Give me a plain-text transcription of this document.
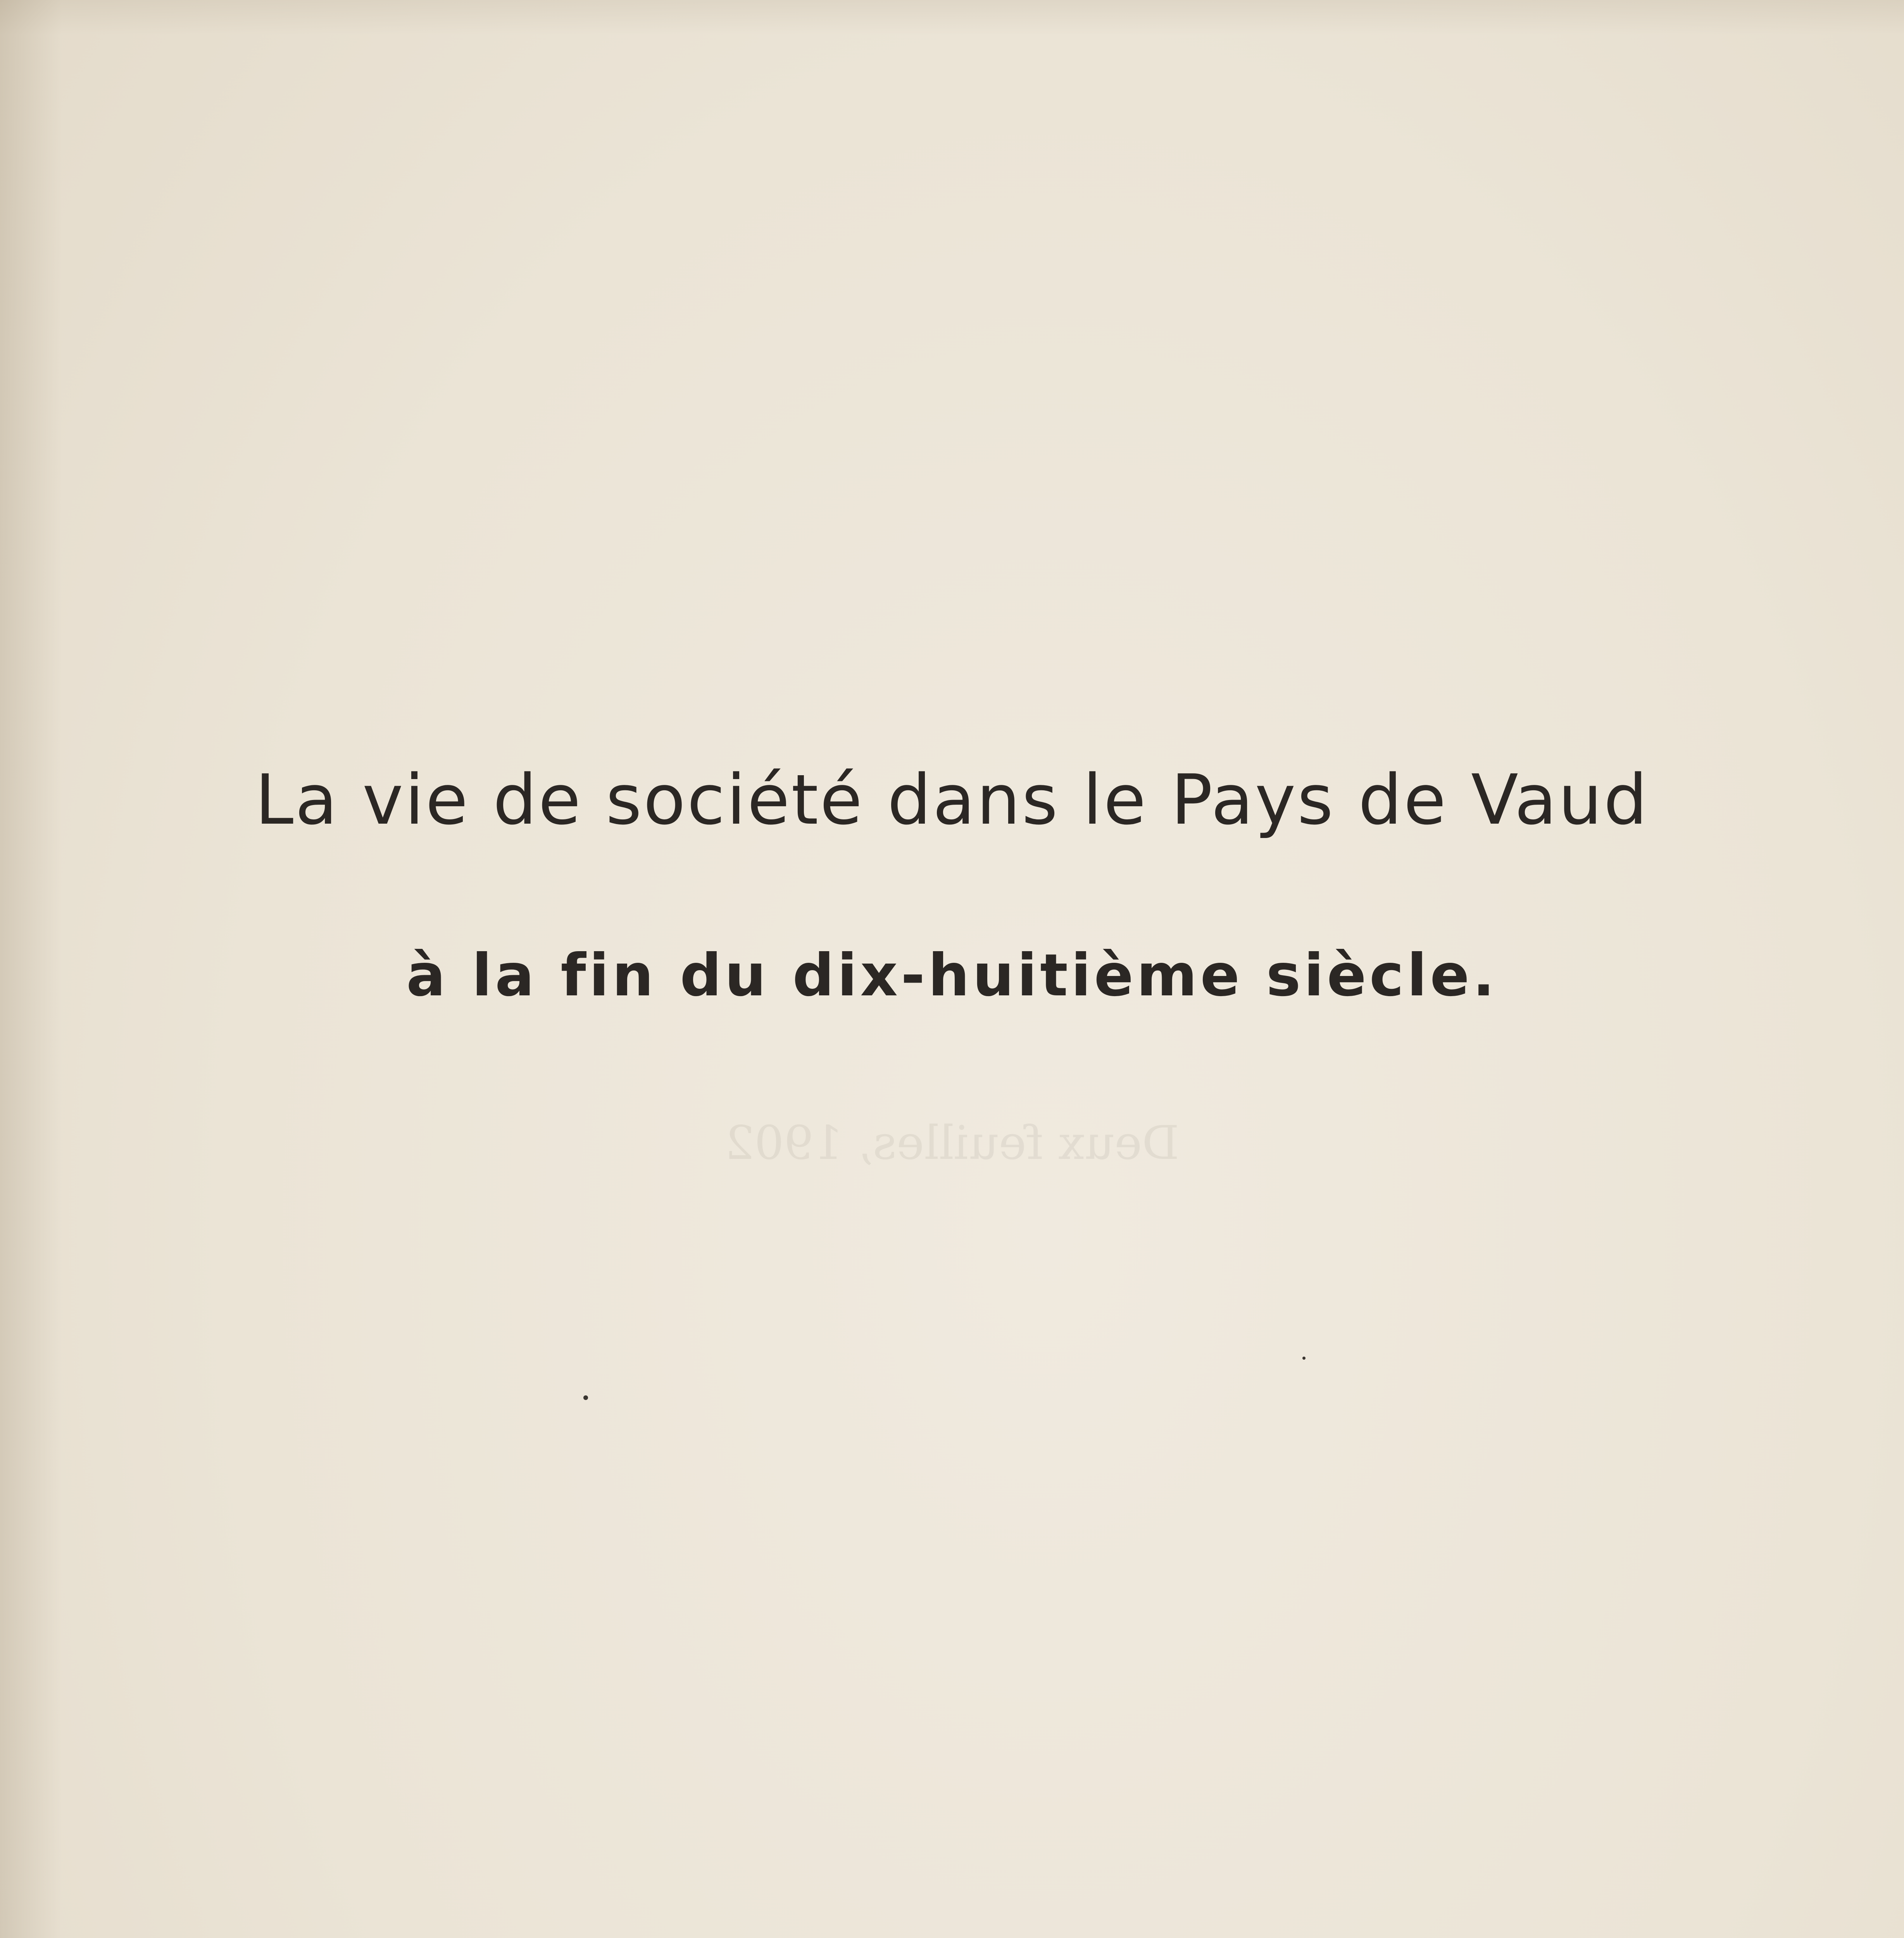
La vie de société dans le Pays de Vaud
à la fin du dix-huitième siècle.
Deux feuilles, 1902
